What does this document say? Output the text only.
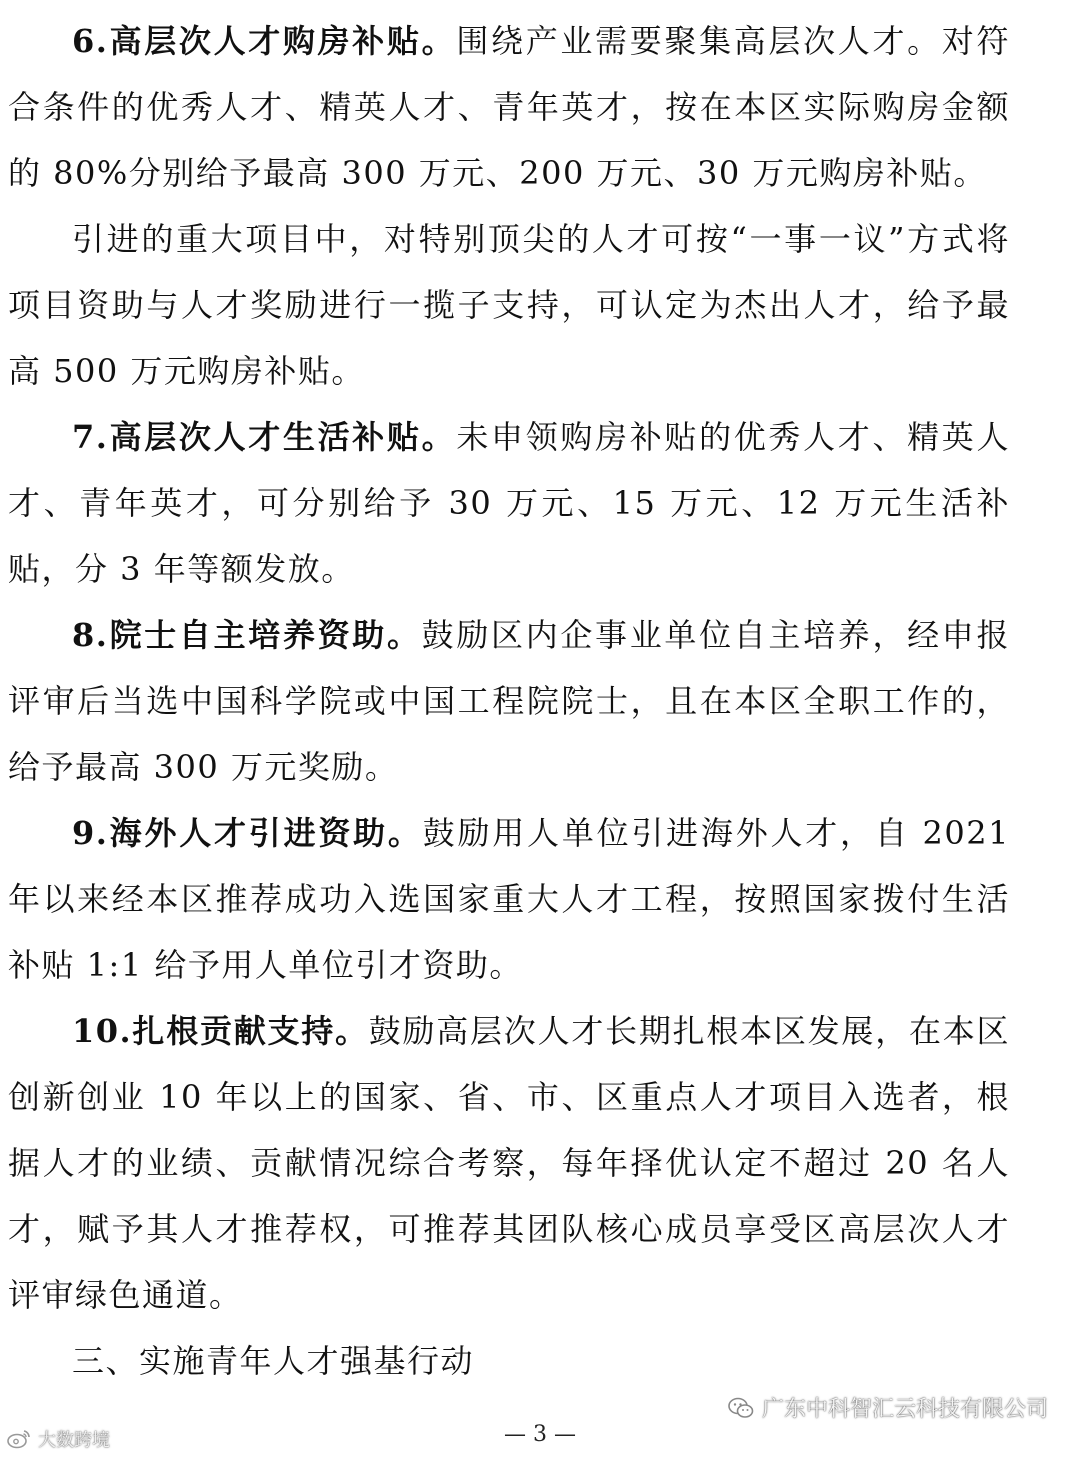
6.高层次人才购房补贴。围绕产业需要聚集高层次人才。对符合条件的优秀人才、精英人才、青年英才，按在本区实际购房金额的 80%分别给予最高 300 万元、200 万元、30 万元购房补贴。

引进的重大项目中，对特别顶尖的人才可按“一事一议”方式将项目资助与人才奖励进行一揽子支持，可认定为杰出人才，给予最高 500 万元购房补贴。

7.高层次人才生活补贴。未申领购房补贴的优秀人才、精英人才、青年英才，可分别给予 30 万元、15 万元、12 万元生活补贴，分 3 年等额发放。

8.院士自主培养资助。鼓励区内企事业单位自主培养，经申报评审后当选中国科学院或中国工程院院士，且在本区全职工作的，给予最高 300 万元奖励。

9.海外人才引进资助。鼓励用人单位引进海外人才，自 2021 年以来经本区推荐成功入选国家重大人才工程，按照国家拨付生活补贴 1:1 给予用人单位引才资助。

10.扎根贡献支持。鼓励高层次人才长期扎根本区发展，在本区创新创业 10 年以上的国家、省、市、区重点人才项目入选者，根据人才的业绩、贡献情况综合考察，每年择优认定不超过 20 名人才，赋予其人才推荐权，可推荐其团队核心成员享受区高层次人才评审绿色通道。

三、实施青年人才强基行动
广东中科智汇云科技有限公司
大数跨境	— 3 —
